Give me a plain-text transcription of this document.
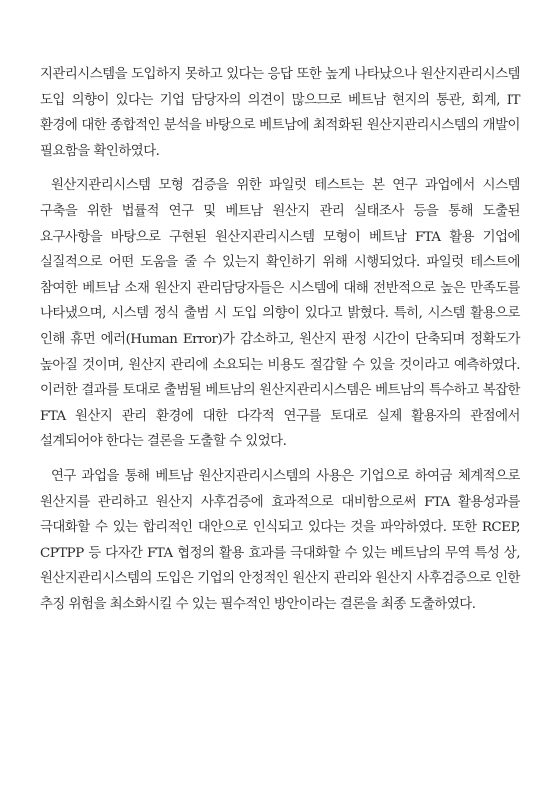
지관리시스템을 도입하지 못하고 있다는 응답 또한 높게 나타났으나 원산지관리시스템 도입 의향이 있다는 기업 담당자의 의견이 많으므로 베트남 현지의 통관, 회계, IT 환경에 대한 종합적인 분석을 바탕으로 베트남에 최적화된 원산지관리시스템의 개발이 필요함을 확인하였다.

원산지관리시스템 모형 검증을 위한 파일럿 테스트는 본 연구 과업에서 시스템 구축을 위한 법률적 연구 및 베트남 원산지 관리 실태조사 등을 통해 도출된 요구사항을 바탕으로 구현된 원산지관리시스템 모형이 베트남 FTA 활용 기업에 실질적으로 어떤 도움을 줄 수 있는지 확인하기 위해 시행되었다. 파일럿 테스트에 참여한 베트남 소재 원산지 관리담당자들은 시스템에 대해 전반적으로 높은 만족도를 나타냈으며, 시스템 정식 출범 시 도입 의향이 있다고 밝혔다. 특히, 시스템 활용으로 인해 휴먼 에러(Human Error)가 감소하고, 원산지 판정 시간이 단축되며 정확도가 높아질 것이며, 원산지 관리에 소요되는 비용도 절감할 수 있을 것이라고 예측하였다. 이러한 결과를 토대로 출범될 베트남의 원산지관리시스템은 베트남의 특수하고 복잡한 FTA 원산지 관리 환경에 대한 다각적 연구를 토대로 실제 활용자의 관점에서 설계되어야 한다는 결론을 도출할 수 있었다.

연구 과업을 통해 베트남 원산지관리시스템의 사용은 기업으로 하여금 체계적으로 원산지를 관리하고 원산지 사후검증에 효과적으로 대비함으로써 FTA 활용성과를 극대화할 수 있는 합리적인 대안으로 인식되고 있다는 것을 파악하였다. 또한 RCEP, CPTPP 등 다자간 FTA 협정의 활용 효과를 극대화할 수 있는 베트남의 무역 특성 상, 원산지관리시스템의 도입은 기업의 안정적인 원산지 관리와 원산지 사후검증으로 인한 추징 위험을 최소화시킬 수 있는 필수적인 방안이라는 결론을 최종 도출하였다.
